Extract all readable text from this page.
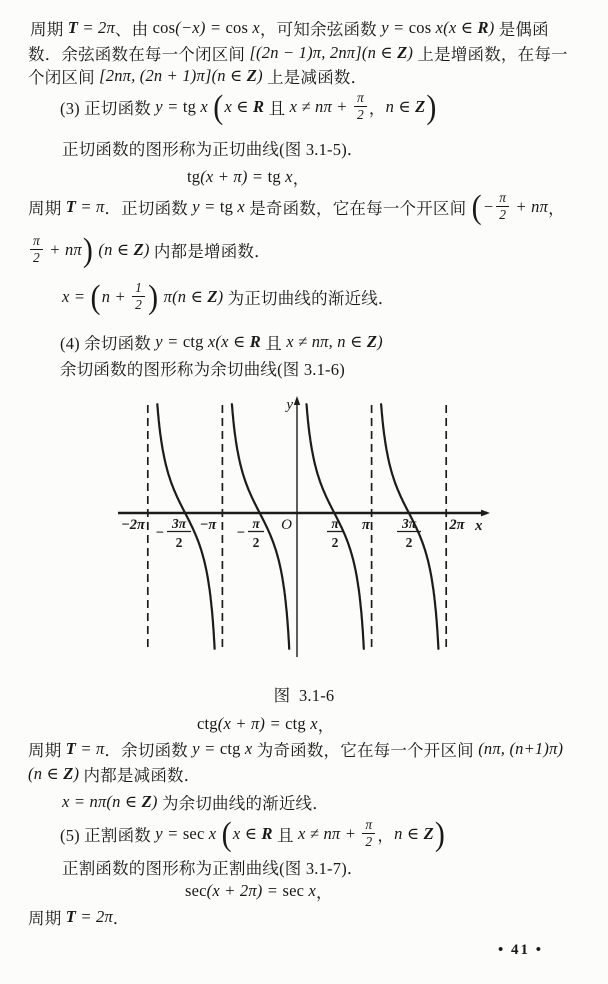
周期 T = 2π 、由 cos(−x) = cos x ，可知余弦函数 y = cos x(x ∈ R) 是偶函
数．余弦函数在每一个闭区间 [(2n − 1)π, 2nπ](n ∈ Z) 上是增函数，在每一
个闭区间 [2nπ, (2n + 1)π](n ∈ Z) 上是减函数．
(3) 正切函数 y = tg x ( x ∈ R 且 $x \ne n\pi + \frac{\pi}{2}$ ， n ∈ Z )
正切函数的图形称为正切曲线(图 3.1-5)．
tg(x + π) = tg x ，
周期 T = π ．正切函数 y = tg x 是奇函数，它在每一个开区间 ( − $\frac{\pi}{2} + n\pi$ ，
π
2 + nπ )
(n ∈ Z) 内都是增函数．
x = ( $n + \frac{1}{2}$ ) π(n ∈ Z) 为正切曲线的渐近线．
(4) 余切函数 y = ctg x(x ∈ R 且 x ≠ nπ, n ∈ Z)
余切函数的图形称为余切曲线(图 3.1-6)
图  3.1-6
ctg(x + π) = ctg x ，
周期 T = π ．余切函数 y = ctg x 为奇函数，它在每一个开区间 (nπ, (n+1)π)
(n ∈ Z) 内都是减函数．
x = nπ(n ∈ Z) 为余切曲线的渐近线．
(5) 正割函数 y = sec x ( x ∈ R 且 $x \ne n\pi + \frac{\pi}{2}$ ， n ∈ Z )
正割函数的图形称为正割曲线(图 3.1-7)．
sec(x + 2π) = sec x ，
周期 T = 2π ．
−2π −
3π
2
−π −
π
2
π
2
π 3π
2
2π
y
O	x
• 41 •
